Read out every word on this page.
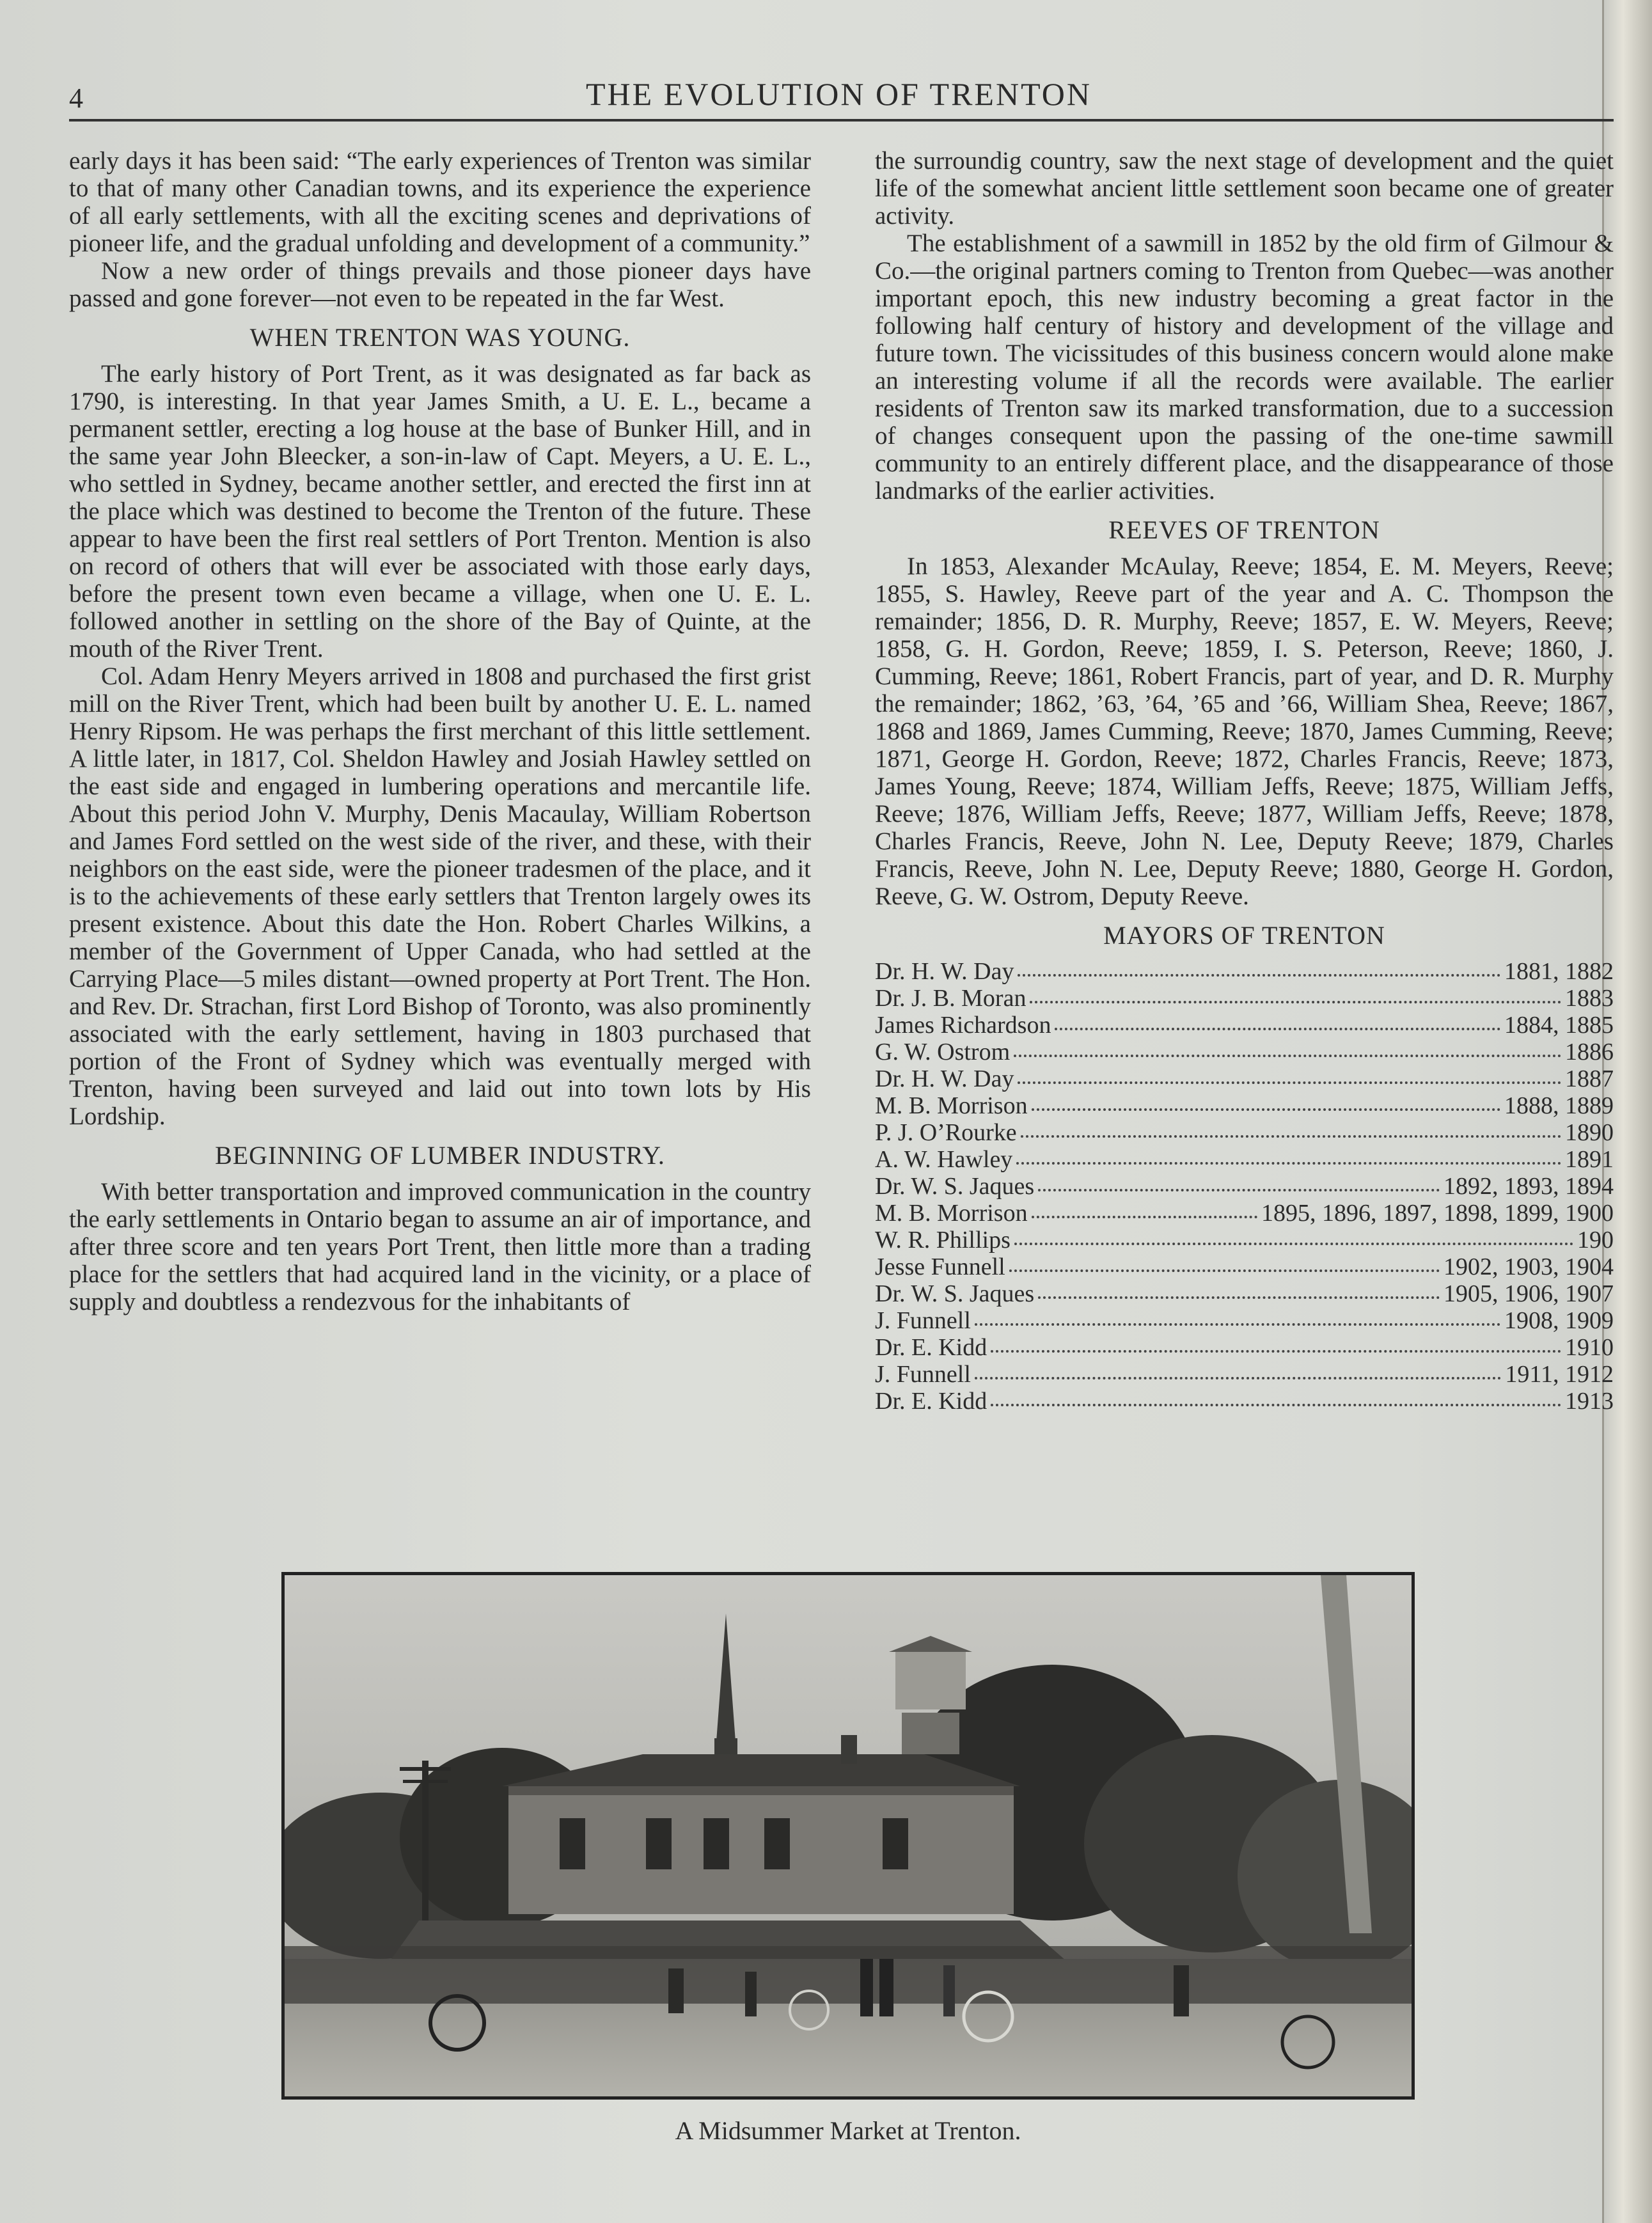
4	THE EVOLUTION OF TRENTON

early days it has been said: “The early experiences of Trenton was similar to that of many other Canadian towns, and its experience the experience of all early settlements, with all the exciting scenes and deprivations of pioneer life, and the gradual unfolding and development of a community.”

Now a new order of things prevails and those pioneer days have passed and gone forever—not even to be repeated in the far West.

WHEN TRENTON WAS YOUNG.

The early history of Port Trent, as it was designated as far back as 1790, is interesting. In that year James Smith, a U. E. L., became a permanent settler, erecting a log house at the base of Bunker Hill, and in the same year John Bleecker, a son-in-law of Capt. Meyers, a U. E. L., who settled in Sydney, became another settler, and erected the first inn at the place which was destined to become the Trenton of the future. These appear to have been the first real settlers of Port Trenton. Mention is also on record of others that will ever be associated with those early days, before the present town even became a village, when one U. E. L. followed another in settling on the shore of the Bay of Quinte, at the mouth of the River Trent.

Col. Adam Henry Meyers arrived in 1808 and purchased the first grist mill on the River Trent, which had been built by another U. E. L. named Henry Ripsom. He was perhaps the first merchant of this little settlement. A little later, in 1817, Col. Sheldon Hawley and Josiah Hawley settled on the east side and engaged in lumbering operations and mercantile life. About this period John V. Murphy, Denis Macaulay, William Robertson and James Ford settled on the west side of the river, and these, with their neighbors on the east side, were the pioneer tradesmen of the place, and it is to the achievements of these early settlers that Trenton largely owes its present existence. About this date the Hon. Robert Charles Wilkins, a member of the Government of Upper Canada, who had settled at the Carrying Place—5 miles distant—owned property at Port Trent. The Hon. and Rev. Dr. Strachan, first Lord Bishop of Toronto, was also prominently associated with the early settlement, having in 1803 purchased that portion of the Front of Sydney which was eventually merged with Trenton, having been surveyed and laid out into town lots by His Lordship.

BEGINNING OF LUMBER INDUSTRY.

With better transportation and improved communication in the country the early settlements in Ontario began to assume an air of importance, and after three score and ten years Port Trent, then little more than a trading place for the settlers that had acquired land in the vicinity, or a place of supply and doubtless a rendezvous for the inhabitants of

the surroundig country, saw the next stage of development and the quiet life of the somewhat ancient little settlement soon became one of greater activity.

The establishment of a sawmill in 1852 by the old firm of Gilmour & Co.—the original partners coming to Trenton from Quebec—was another important epoch, this new industry becoming a great factor in the following half century of history and development of the village and future town. The vicissitudes of this business concern would alone make an interesting volume if all the records were available. The earlier residents of Trenton saw its marked transformation, due to a succession of changes consequent upon the passing of the one-time sawmill community to an entirely different place, and the disappearance of those landmarks of the earlier activities.

REEVES OF TRENTON

In 1853, Alexander McAulay, Reeve; 1854, E. M. Meyers, Reeve; 1855, S. Hawley, Reeve part of the year and A. C. Thompson the remainder; 1856, D. R. Murphy, Reeve; 1857, E. W. Meyers, Reeve; 1858, G. H. Gordon, Reeve; 1859, I. S. Peterson, Reeve; 1860, J. Cumming, Reeve; 1861, Robert Francis, part of year, and D. R. Murphy the remainder; 1862, ’63, ’64, ’65 and ’66, William Shea, Reeve; 1867, 1868 and 1869, James Cumming, Reeve; 1870, James Cumming, Reeve; 1871, George H. Gordon, Reeve; 1872, Charles Francis, Reeve; 1873, James Young, Reeve; 1874, William Jeffs, Reeve; 1875, William Jeffs, Reeve; 1876, William Jeffs, Reeve; 1877, William Jeffs, Reeve; 1878, Charles Francis, Reeve, John N. Lee, Deputy Reeve; 1879, Charles Francis, Reeve, John N. Lee, Deputy Reeve; 1880, George H. Gordon, Reeve, G. W. Ostrom, Deputy Reeve.

MAYORS OF TRENTON
Dr. H. W. Day	1881, 1882
Dr. J. B. Moran	1883
James Richardson	1884, 1885
G. W. Ostrom	1886
Dr. H. W. Day	1887
M. B. Morrison	1888, 1889
P. J. O’Rourke	1890
A. W. Hawley	1891
Dr. W. S. Jaques	1892, 1893, 1894
M. B. Morrison	1895, 1896, 1897, 1898, 1899, 1900
W. R. Phillips	190
Jesse Funnell	1902, 1903, 1904
Dr. W. S. Jaques	1905, 1906, 1907
J. Funnell	1908, 1909
Dr. E. Kidd	1910
J. Funnell	1911, 1912
Dr. E. Kidd	1913
A Midsummer Market at Trenton.
